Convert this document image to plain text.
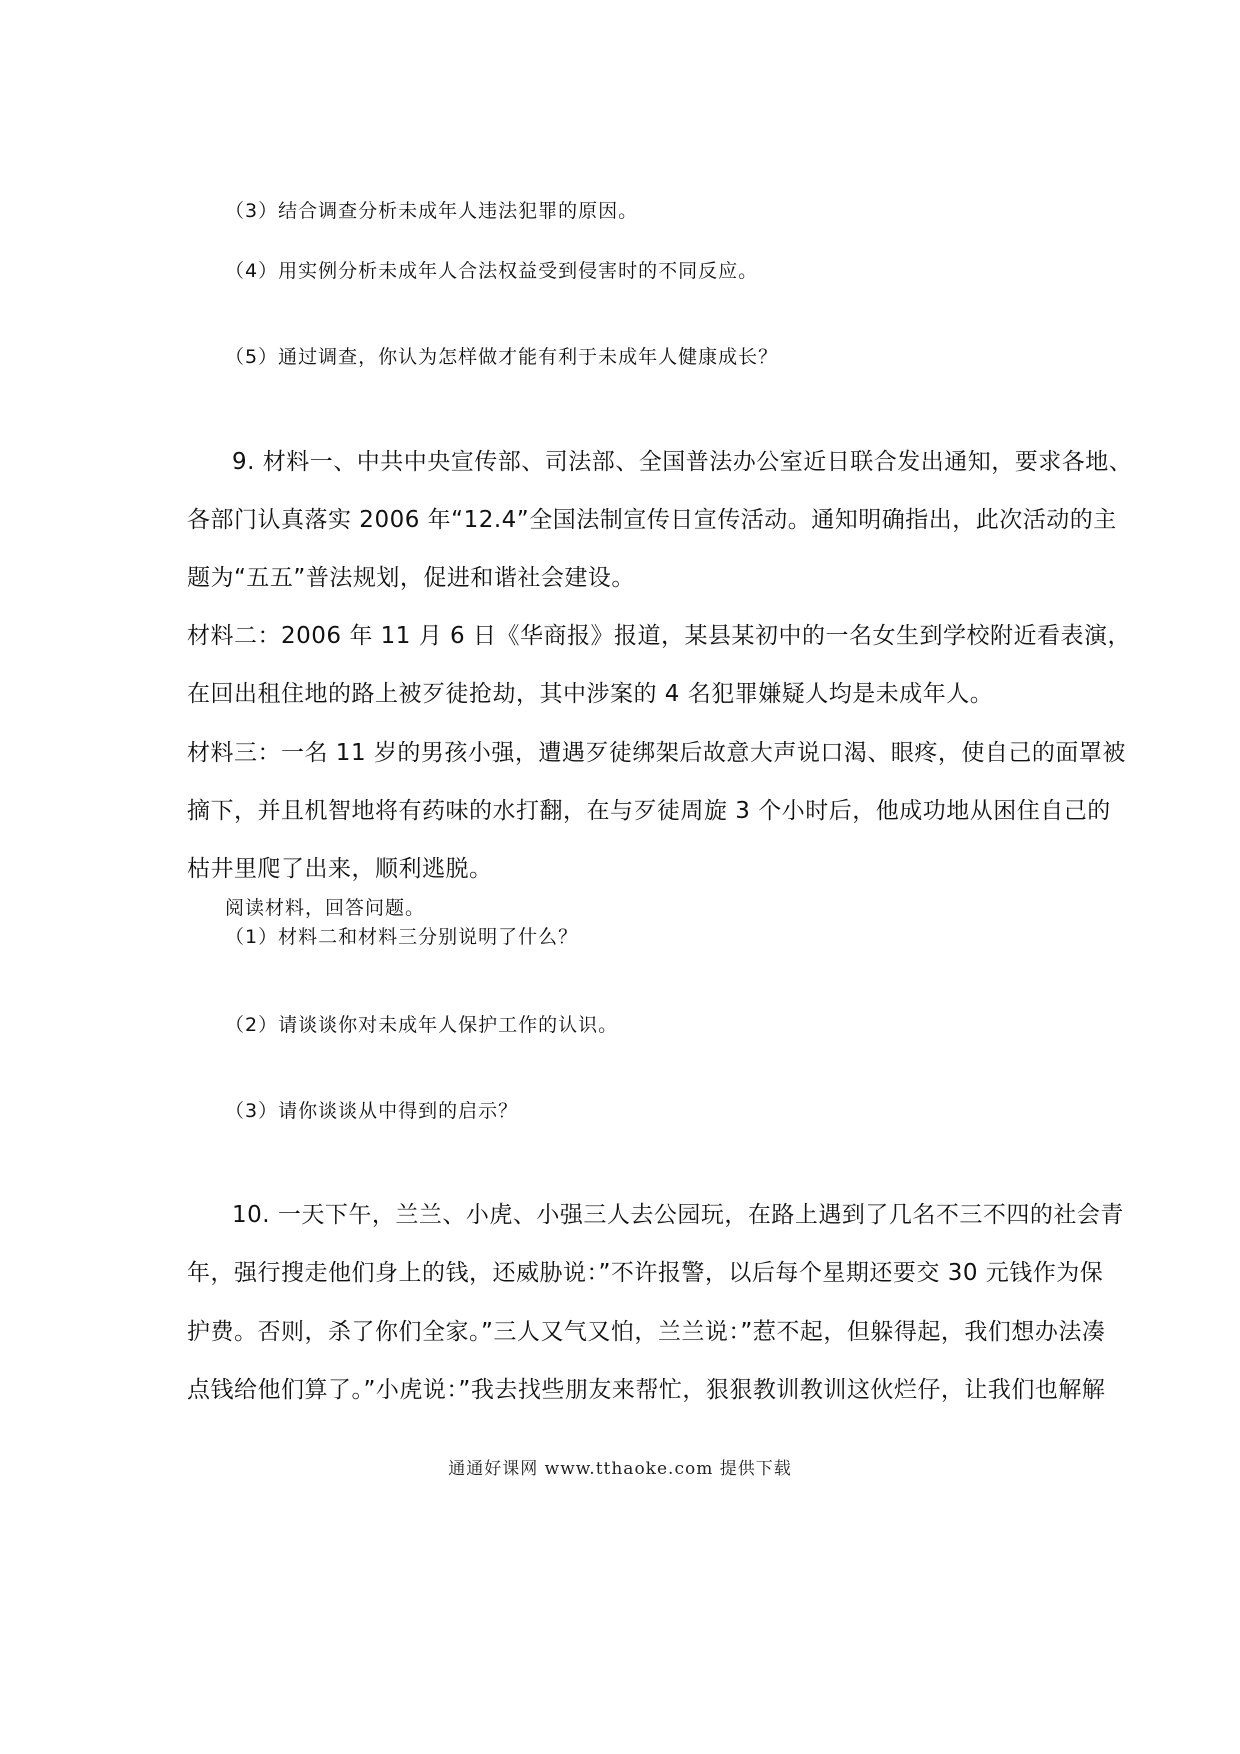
（3）结合调查分析未成年人违法犯罪的原因。
（4）用实例分析未成年人合法权益受到侵害时的不同反应。
（5）通过调查，你认为怎样做才能有利于未成年人健康成长？
9. 材料一、中共中央宣传部、司法部、全国普法办公室近日联合发出通知，要求各地、
各部门认真落实 2006 年“12.4”全国法制宣传日宣传活动。通知明确指出，此次活动的主
题为“五五”普法规划，促进和谐社会建设。
材料二：2006 年 11 月 6 日《华商报》报道，某县某初中的一名女生到学校附近看表演，
在回出租住地的路上被歹徒抢劫，其中涉案的 4 名犯罪嫌疑人均是未成年人。
材料三：一名 11 岁的男孩小强，遭遇歹徒绑架后故意大声说口渴、眼疼，使自己的面罩被
摘下，并且机智地将有药味的水打翻，在与歹徒周旋 3 个小时后，他成功地从困住自己的
枯井里爬了出来，顺利逃脱。
阅读材料，回答问题。
（1）材料二和材料三分别说明了什么？
（2）请谈谈你对未成年人保护工作的认识。
（3）请你谈谈从中得到的启示？
10. 一天下午，兰兰、小虎、小强三人去公园玩，在路上遇到了几名不三不四的社会青
年，强行搜走他们身上的钱，还威胁说：”不许报警，以后每个星期还要交 30 元钱作为保
护费。否则，杀了你们全家。”三人又气又怕，兰兰说：”惹不起，但躲得起，我们想办法凑
点钱给他们算了。”小虎说：”我去找些朋友来帮忙，狠狠教训教训这伙烂仔，让我们也解解
通通好课网 www.tthaoke.com 提供下载
